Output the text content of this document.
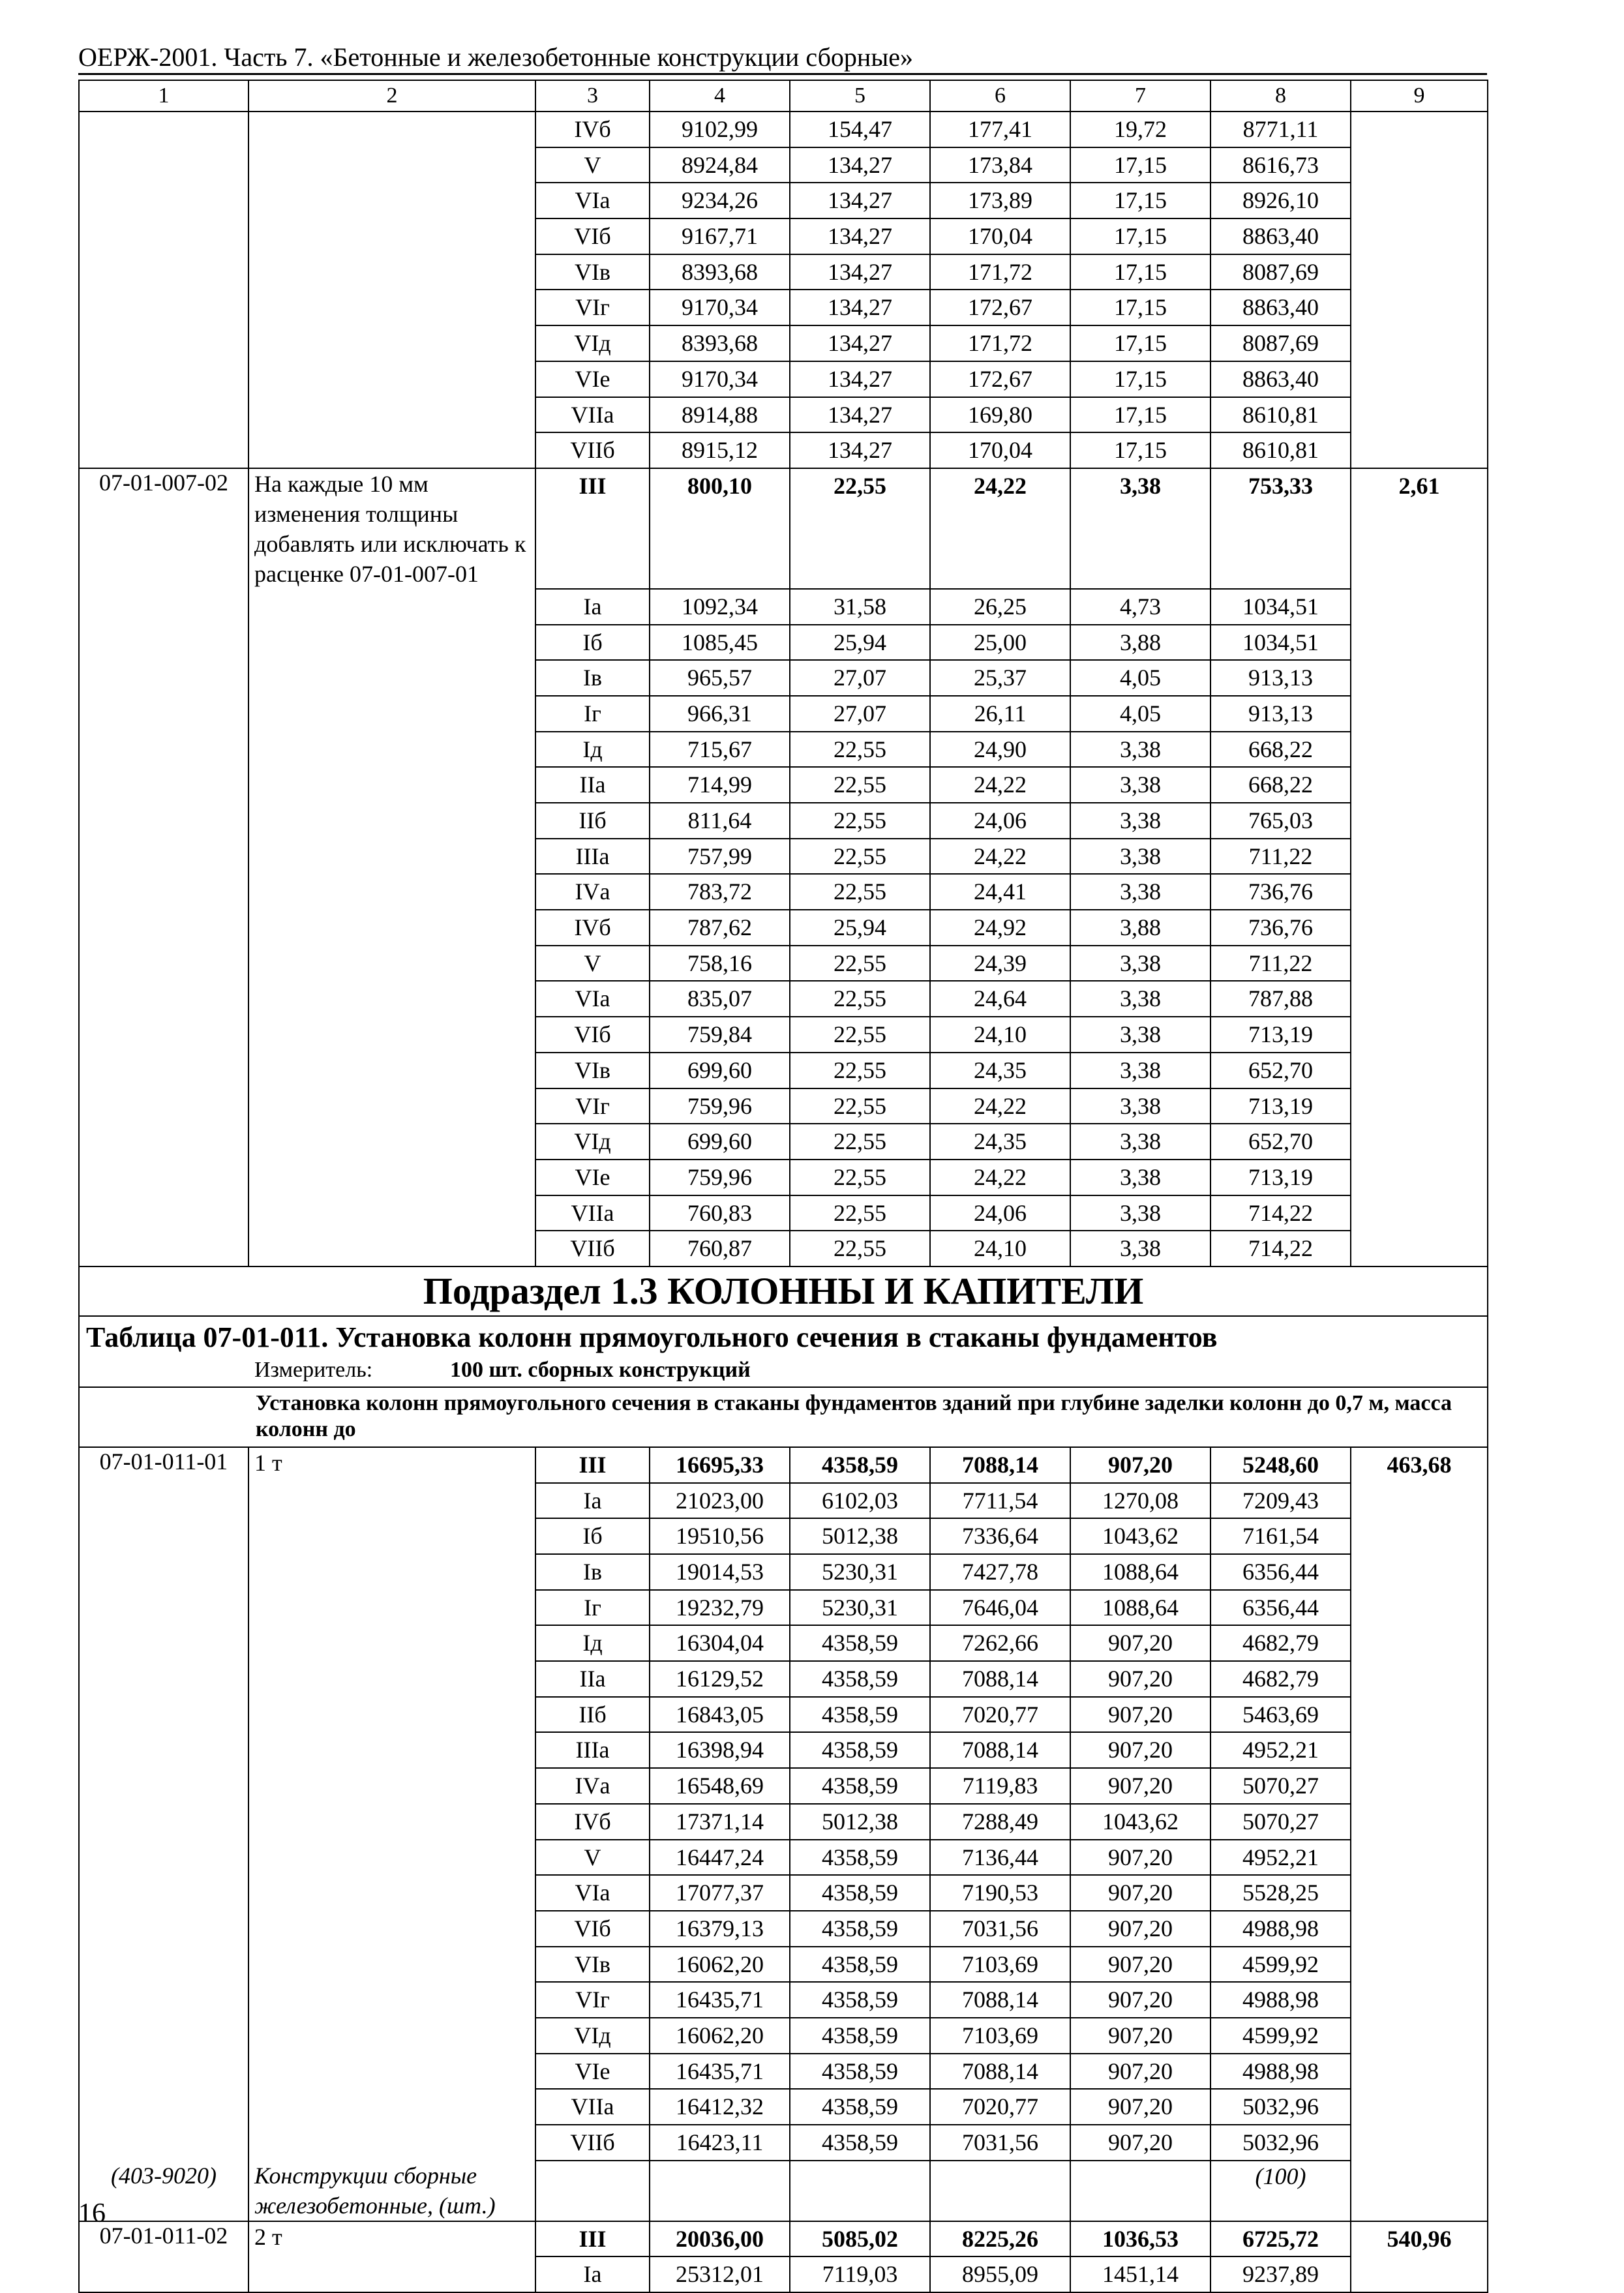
ОЕРЖ-2001. Часть 7. «Бетонные и железобетонные конструкции сборные»
1	2	3	4	5	6	7	8	9
		IVб	9102,99	154,47	177,41	19,72	8771,11	
		V	8924,84	134,27	173,84	17,15	8616,73	
		VIа	9234,26	134,27	173,89	17,15	8926,10	
		VIб	9167,71	134,27	170,04	17,15	8863,40	
		VIв	8393,68	134,27	171,72	17,15	8087,69	
		VIг	9170,34	134,27	172,67	17,15	8863,40	
		VIд	8393,68	134,27	171,72	17,15	8087,69	
		VIе	9170,34	134,27	172,67	17,15	8863,40	
		VIIа	8914,88	134,27	169,80	17,15	8610,81	
		VIIб	8915,12	134,27	170,04	17,15	8610,81	
07-01-007-02	На каждые 10 мм изменения толщины добавлять или исключать к расценке 07-01-007-01	III	800,10	22,55	24,22	3,38	753,33	2,61
		Iа	1092,34	31,58	26,25	4,73	1034,51	
		Iб	1085,45	25,94	25,00	3,88	1034,51	
		Iв	965,57	27,07	25,37	4,05	913,13	
		Iг	966,31	27,07	26,11	4,05	913,13	
		Iд	715,67	22,55	24,90	3,38	668,22	
		IIа	714,99	22,55	24,22	3,38	668,22	
		IIб	811,64	22,55	24,06	3,38	765,03	
		IIIа	757,99	22,55	24,22	3,38	711,22	
		IVа	783,72	22,55	24,41	3,38	736,76	
		IVб	787,62	25,94	24,92	3,88	736,76	
		V	758,16	22,55	24,39	3,38	711,22	
		VIа	835,07	22,55	24,64	3,38	787,88	
		VIб	759,84	22,55	24,10	3,38	713,19	
		VIв	699,60	22,55	24,35	3,38	652,70	
		VIг	759,96	22,55	24,22	3,38	713,19	
		VIд	699,60	22,55	24,35	3,38	652,70	
		VIе	759,96	22,55	24,22	3,38	713,19	
		VIIа	760,83	22,55	24,06	3,38	714,22	
		VIIб	760,87	22,55	24,10	3,38	714,22	
Подраздел 1.3 КОЛОННЫ И КАПИТЕЛИ								
Таблица 07-01-011. Установка колонн прямоугольного сечения в стаканы фундаментов								
Измеритель: 100 шт. сборных конструкций								

Установка колонн прямоугольного сечения в стаканы фундаментов зданий при глубине заделки колонн до 0,7 м, масса колонн до								

07-01-011-01	1 т	III	16695,33	4358,59	7088,14	907,20	5248,60	463,68
		Iа	21023,00	6102,03	7711,54	1270,08	7209,43	
		Iб	19510,56	5012,38	7336,64	1043,62	7161,54	
		Iв	19014,53	5230,31	7427,78	1088,64	6356,44	
		Iг	19232,79	5230,31	7646,04	1088,64	6356,44	
		Iд	16304,04	4358,59	7262,66	907,20	4682,79	
		IIа	16129,52	4358,59	7088,14	907,20	4682,79	
		IIб	16843,05	4358,59	7020,77	907,20	5463,69	
		IIIа	16398,94	4358,59	7088,14	907,20	4952,21	
		IVа	16548,69	4358,59	7119,83	907,20	5070,27	
		IVб	17371,14	5012,38	7288,49	1043,62	5070,27	
		V	16447,24	4358,59	7136,44	907,20	4952,21	
		VIа	17077,37	4358,59	7190,53	907,20	5528,25	
		VIб	16379,13	4358,59	7031,56	907,20	4988,98	
		VIв	16062,20	4358,59	7103,69	907,20	4599,92	
		VIг	16435,71	4358,59	7088,14	907,20	4988,98	
		VIд	16062,20	4358,59	7103,69	907,20	4599,92	
		VIе	16435,71	4358,59	7088,14	907,20	4988,98	
		VIIа	16412,32	4358,59	7020,77	907,20	5032,96	
		VIIб	16423,11	4358,59	7031,56	907,20	5032,96	
(403-9020)	Конструкции сборные железобетонные, (шт.)						(100)	
07-01-011-02	2 т	III	20036,00	5085,02	8225,26	1036,53	6725,72	540,96
		Iа	25312,01	7119,03	8955,09	1451,14	9237,89	
16
